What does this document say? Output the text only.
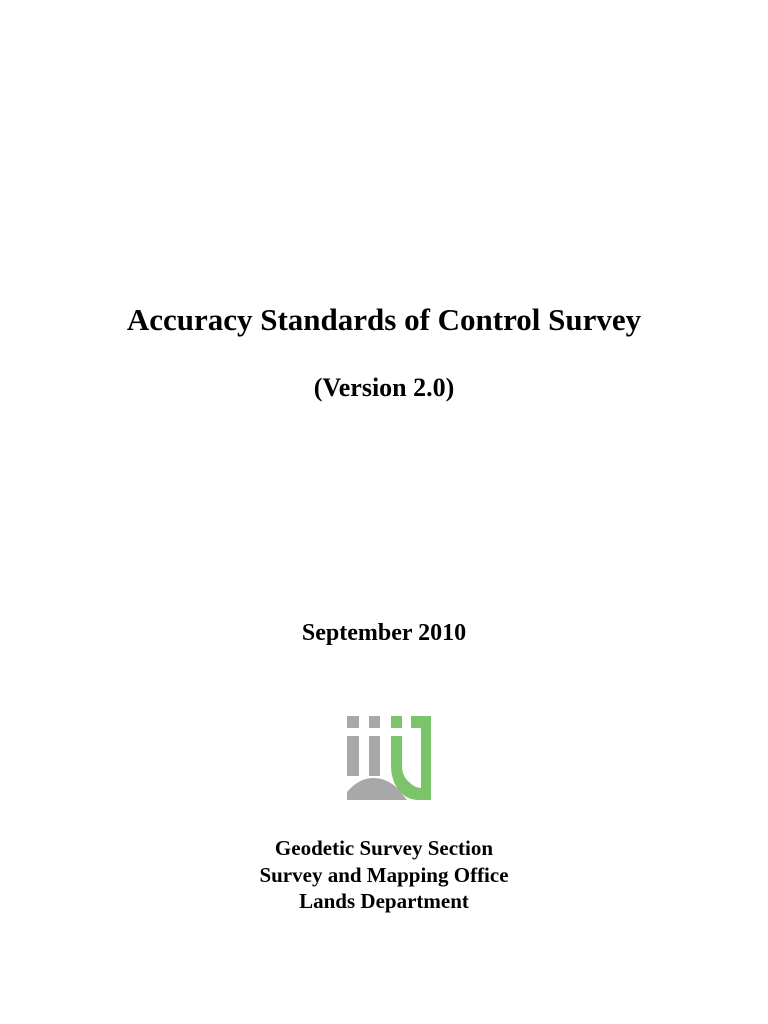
Accuracy Standards of Control Survey
(Version 2.0)
September 2010
Geodetic Survey Section
Survey and Mapping Office
Lands Department
